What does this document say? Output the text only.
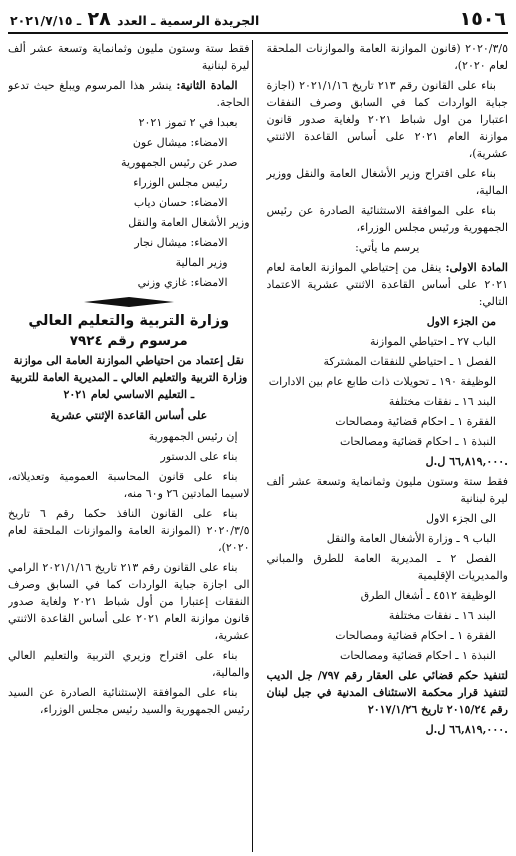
١٥٠٦
الجريدة الرسمية ـ العدد ٢٨ ـ ٢٠٢١/٧/١٥

٢٠٢٠/٣/٥ (قانون الموازنة العامة والموازنات الملحقة لعام ٢٠٢٠)،

بناء على القانون رقم ٢١٣ تاريخ ٢٠٢١/١/١٦ (اجازة جباية الواردات كما في السابق وصرف النفقات اعتبارا من اول شباط ٢٠٢١ ولغاية صدور قانون موازنة العام ٢٠٢١ على أساس القاعدة الاثنتي عشرية)،

بناء على اقتراح وزير الأشغال العامة والنقل ووزير المالية،

بناء على الموافقة الاستثنائية الصادرة عن رئيس الجمهورية ورئيس مجلس الوزراء،

يرسم ما يأتي:

المادة الاولى: ينقل من إحتياطي الموازنة العامة لعام ٢٠٢١ على أساس القاعدة الاثنتي عشرية الاعتماد التالي:

من الجزء الاول

الباب ٢٧ ـ احتياطي الموازنة

الفصل ١ ـ احتياطي للنفقات المشتركة

الوظيفة ١٩٠ ـ تحويلات ذات طابع عام بين الادارات

البند ١٦ ـ نفقات مختلفة

الفقرة ١ ـ احكام قضائية ومصالحات

النبذة ١ ـ احكام قضائية ومصالحات

٦٦,٨١٩,٠٠٠ ل.ل.

فقط ستة وستون مليون وثمانماية وتسعة عشر ألف ليرة لبنانية

الى الجزء الاول

الباب ٩ ـ وزارة الأشغال العامة والنقل

الفصل ٢ ـ المديرية العامة للطرق والمباني والمديريات الإقليمية

الوظيفة ٤٥١٢ ـ أشغال الطرق

البند ١٦ ـ نفقات مختلفة

الفقرة ١ ـ احكام قضائية ومصالحات

النبذة ١ ـ احكام قضائية ومصالحات

لتنفيذ حكم قضائي على العقار رقم ٧٩٧/ جل الديب لتنفيذ قرار محكمة الاستئناف المدنية في جبل لبنان رقم ٢٠١٥/٢٤ تاريخ ٢٠١٧/١/٢٦

٦٦,٨١٩,٠٠٠ ل.ل.

فقط ستة وستون مليون وثمانماية وتسعة عشر ألف ليرة لبنانية

المادة الثانية: ينشر هذا المرسوم ويبلغ حيث تدعو الحاجة.

بعبدا في ٢ تموز ٢٠٢١

الامضاء: ميشال عون

صدر عن رئيس الجمهورية

رئيس مجلس الوزراء

الامضاء: حسان دياب

وزير الأشغال العامة والنقل

الامضاء: ميشال نجار

وزير المالية

الامضاء: غازي وزني

وزارة التربية والتعليم العالي
مرسوم رقم ٧٩٢٤

نقل إعتماد من احتياطي الموازنة العامة الى موازنة وزارة التربية والتعليم العالي ـ المديرية العامة للتربية ـ التعليم الاساسي لعام ٢٠٢١

على أساس القاعدة الإثنتي عشرية

إن رئيس الجمهورية

بناء على الدستور

بناء على قانون المحاسبة العمومية وتعديلاته، لاسيما المادتين ٢٦ و٦٠ منه،

بناء على القانون النافذ حكما رقم ٦ تاريخ ٢٠٢٠/٣/٥ (الموازنة العامة والموازنات الملحقة لعام ٢٠٢٠)،

بناء على القانون رقم ٢١٣ تاريخ ٢٠٢١/١/١٦ الرامي الى اجازة جباية الواردات كما في السابق وصرف النفقات إعتبارا من أول شباط ٢٠٢١ ولغاية صدور قانون موازنة العام ٢٠٢١ على أساس القاعدة الاثنتي عشرية،

بناء على اقتراح وزيري التربية والتعليم العالي والمالية،

بناء على الموافقة الإستثنائية الصادرة عن السيد رئيس الجمهورية والسيد رئيس مجلس الوزراء،
